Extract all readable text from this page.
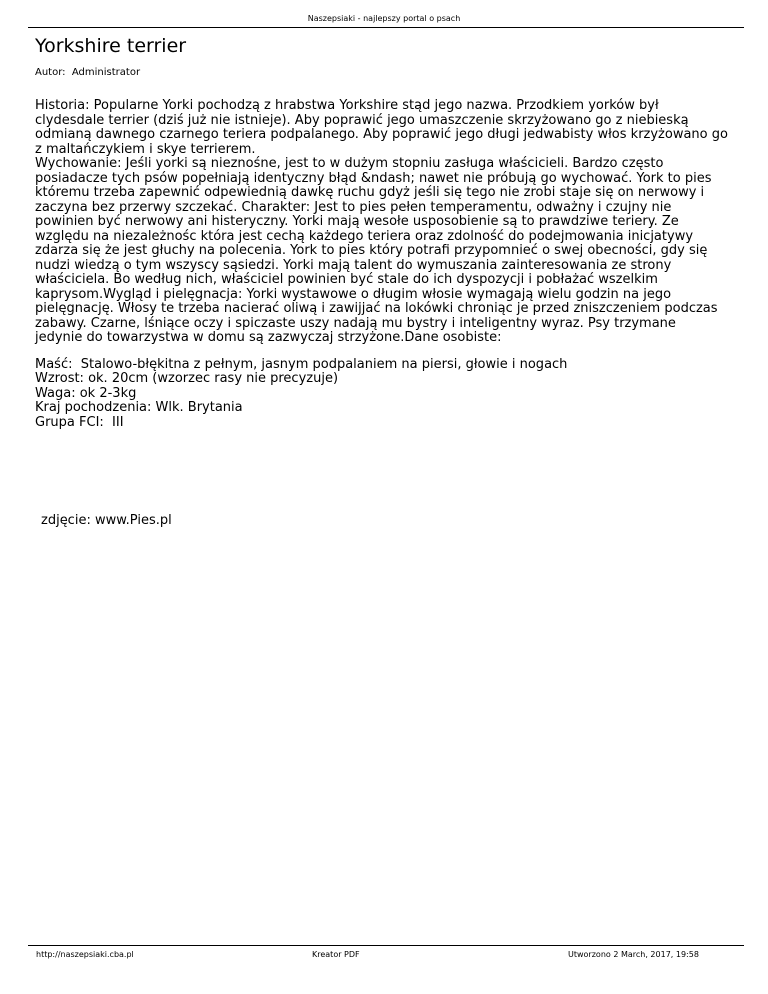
Naszepsiaki - najlepszy portal o psach
Yorkshire terrier
Autor: Administrator
Historia: Popularne Yorki pochodzą z hrabstwa Yorkshire stąd jego nazwa. Przodkiem yorków był
clydesdale terrier (dziś już nie istnieje). Aby poprawić jego umaszczenie skrzyżowano go z niebieską
odmianą dawnego czarnego teriera podpalanego. Aby poprawić jego długi jedwabisty włos krzyżowano go
z maltańczykiem i skye terrierem.
Wychowanie: Jeśli yorki są nieznośne, jest to w dużym stopniu zasługa właścicieli. Bardzo często
posiadacze tych psów popełniają identyczny błąd &ndash; nawet nie próbują go wychować. York to pies
któremu trzeba zapewnić odpewiednią dawkę ruchu gdyż jeśli się tego nie zrobi staje się on nerwowy i
zaczyna bez przerwy szczekać. Charakter: Jest to pies pełen temperamentu, odważny i czujny nie
powinien być nerwowy ani histeryczny. Yorki mają wesołe usposobienie są to prawdziwe teriery. Ze
względu na niezależnośc która jest cechą każdego teriera oraz zdolność do podejmowania inicjatywy
zdarza się że jest głuchy na polecenia. York to pies który potrafi przypomnieć o swej obecności, gdy się
nudzi wiedzą o tym wszyscy sąsiedzi. Yorki mają talent do wymuszania zainteresowania ze strony
właściciela. Bo według nich, właściciel powinien być stale do ich dyspozycji i pobłażać wszelkim
kaprysom.Wygląd i pielęgnacja: Yorki wystawowe o długim włosie wymagają wielu godzin na jego
pielęgnację. Włosy te trzeba nacierać oliwą i zawijjać na lokówki chroniąc je przed zniszczeniem podczas
zabawy. Czarne, lśniące oczy i spiczaste uszy nadają mu bystry i inteligentny wyraz. Psy trzymane
jedynie do towarzystwa w domu są zazwyczaj strzyżone.Dane osobiste:
Maść:  Stalowo-błękitna z pełnym, jasnym podpalaniem na piersi, głowie i nogach
Wzrost: ok. 20cm (wzorzec rasy nie precyzuje)
Waga: ok 2-3kg
Kraj pochodzenia: Wlk. Brytania
Grupa FCI:  III
zdjęcie: www.Pies.pl
http://naszepsiaki.cba.pl	Kreator PDF	Utworzono 2 March, 2017, 19:58
